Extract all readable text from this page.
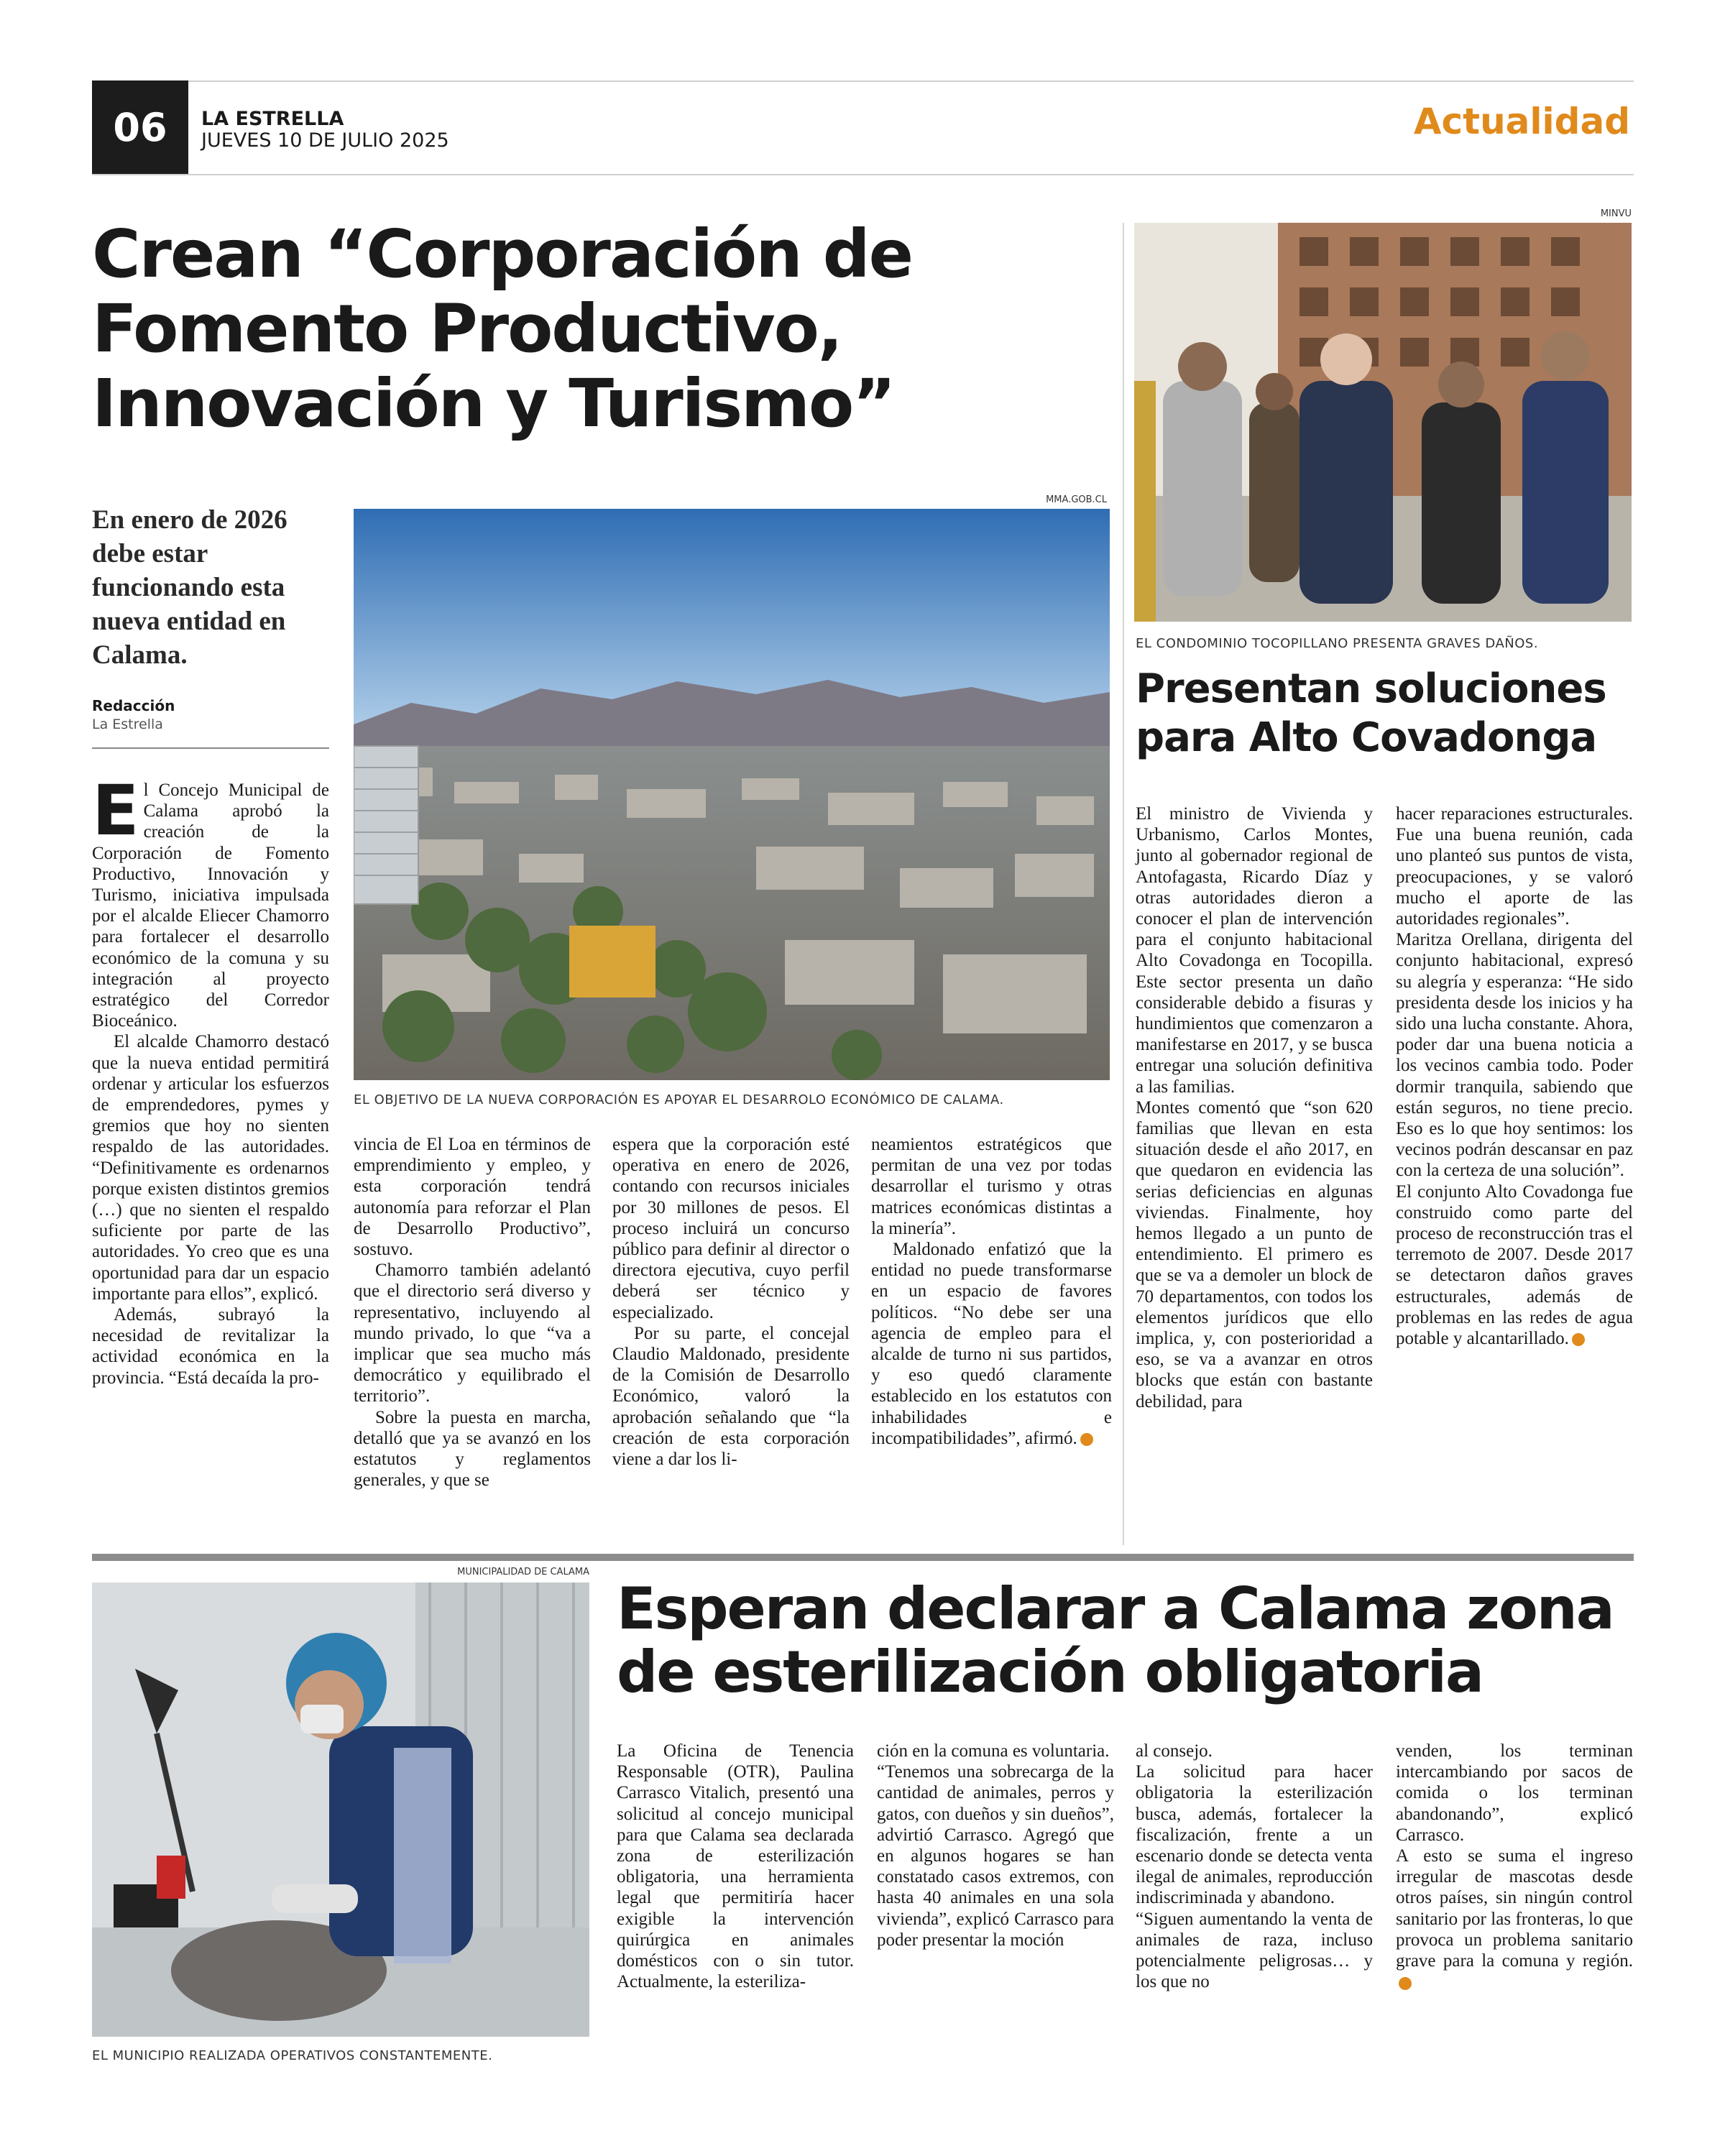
06	LA ESTRELLA
JUEVES 10 DE JULIO 2025	Actualidad
Crean “Corporación de Fomento Productivo, Innovación y Turismo”
En enero de 2026 debe estar funcionando esta nueva entidad en Calama.
Redacción
La Estrella
MMA.GOB.CL
EL OBJETIVO DE LA NUEVA CORPORACIÓN ES APOYAR EL DESARROLO ECONÓMICO DE CALAMA.

El Concejo Municipal de Calama aprobó la creación de la Corporación de Fomento Productivo, Innovación y Turismo, iniciativa impulsada por el alcalde Eliecer Chamorro para fortalecer el desarrollo económico de la comuna y su integración al proyecto estratégico del Corredor Bioceánico.

El alcalde Chamorro destacó que la nueva entidad permitirá ordenar y articular los esfuerzos de emprendedores, pymes y gremios que hoy no sienten respaldo de las autoridades. “Definitivamente es ordenarnos porque existen distintos gremios (…) que no sienten el respaldo suficiente por parte de las autoridades. Yo creo que es una oportunidad para dar un espacio importante para ellos”, explicó.

Además, subrayó la necesidad de revitalizar la actividad económica en la provincia. “Está decaída la pro-

vincia de El Loa en términos de emprendimiento y empleo, y esta corporación tendrá autonomía para reforzar el Plan de Desarrollo Productivo”, sostuvo.

Chamorro también adelantó que el directorio será diverso y representativo, incluyendo al mundo privado, lo que “va a implicar que sea mucho más democrático y equilibrado el territorio”.

Sobre la puesta en marcha, detalló que ya se avanzó en los estatutos y reglamentos generales, y que se

espera que la corporación esté operativa en enero de 2026, contando con recursos iniciales por 30 millones de pesos. El proceso incluirá un concurso público para definir al director o directora ejecutiva, cuyo perfil deberá ser técnico y especializado.

Por su parte, el concejal Claudio Maldonado, presidente de la Comisión de Desarrollo Económico, valoró la aprobación señalando que “la creación de esta corporación viene a dar los li-

neamientos estratégicos que permitan de una vez por todas desarrollar el turismo y otras matrices económicas distintas a la minería”.

Maldonado enfatizó que la entidad no puede transformarse en un espacio de favores políticos. “No debe ser una agencia de empleo para el alcalde de turno ni sus partidos, y eso quedó claramente establecido en los estatutos con inhabilidades e incompatibilidades”, afirmó.

MINVU
EL CONDOMINIO TOCOPILLANO PRESENTA GRAVES DAÑOS.
Presentan soluciones para Alto Covadonga

El ministro de Vivienda y Urbanismo, Carlos Montes, junto al gobernador regional de Antofagasta, Ricardo Díaz y otras autoridades dieron a conocer el plan de intervención para el conjunto habitacional Alto Covadonga en Tocopilla. Este sector presenta un daño considerable debido a fisuras y hundimientos que comenzaron a manifestarse en 2017, y se busca entregar una solución definitiva a las familias.

Montes comentó que “son 620 familias que llevan en esta situación desde el año 2017, en que quedaron en evidencia las serias deficiencias en algunas viviendas. Finalmente, hoy hemos llegado a un punto de entendimiento. El primero es que se va a demoler un block de 70 departamentos, con todos los elementos jurídicos que ello implica, y, con posterioridad a eso, se va a avanzar en otros blocks que están con bastante debilidad, para

hacer reparaciones estructurales. Fue una buena reunión, cada uno planteó sus puntos de vista, preocupaciones, y se valoró mucho el aporte de las autoridades regionales”.

Maritza Orellana, dirigenta del conjunto habitacional, expresó su alegría y esperanza: “He sido presidenta desde los inicios y ha sido una lucha constante. Ahora, poder dar una buena noticia a los vecinos cambia todo. Poder dormir tranquila, sabiendo que están seguros, no tiene precio. Eso es lo que hoy sentimos: los vecinos podrán descansar en paz con la certeza de una solución”.

El conjunto Alto Covadonga fue construido como parte del proceso de reconstrucción tras el terremoto de 2007. Desde 2017 se detectaron daños graves estructurales, además de problemas en las redes de agua potable y alcantarillado.

MUNICIPALIDAD DE CALAMA
EL MUNICIPIO REALIZADA OPERATIVOS CONSTANTEMENTE.
Esperan declarar a Calama zona de esterilización obligatoria

La Oficina de Tenencia Responsable (OTR), Paulina Carrasco Vitalich, presentó una solicitud al concejo municipal para que Calama sea declarada zona de esterilización obligatoria, una herramienta legal que permitiría hacer exigible la intervención quirúrgica en animales domésticos con o sin tutor. Actualmente, la esteriliza-

ción en la comuna es voluntaria.

“Tenemos una sobrecarga de la cantidad de animales, perros y gatos, con dueños y sin dueños”, advirtió Carrasco. Agregó que en algunos hogares se han constatado casos extremos, con hasta 40 animales en una sola vivienda”, explicó Carrasco para poder presentar la moción

al consejo.

La solicitud para hacer obligatoria la esterilización busca, además, fortalecer la fiscalización, frente a un escenario donde se detecta venta ilegal de animales, reproducción indiscriminada y abandono.

“Siguen aumentando la venta de animales de raza, incluso potencialmente peligrosas… y los que no

venden, los terminan intercambiando por sacos de comida o los terminan abandonando”, explicó Carrasco.

A esto se suma el ingreso irregular de mascotas desde otros países, sin ningún control sanitario por las fronteras, lo que provoca un problema sanitario grave para la comuna y región.
